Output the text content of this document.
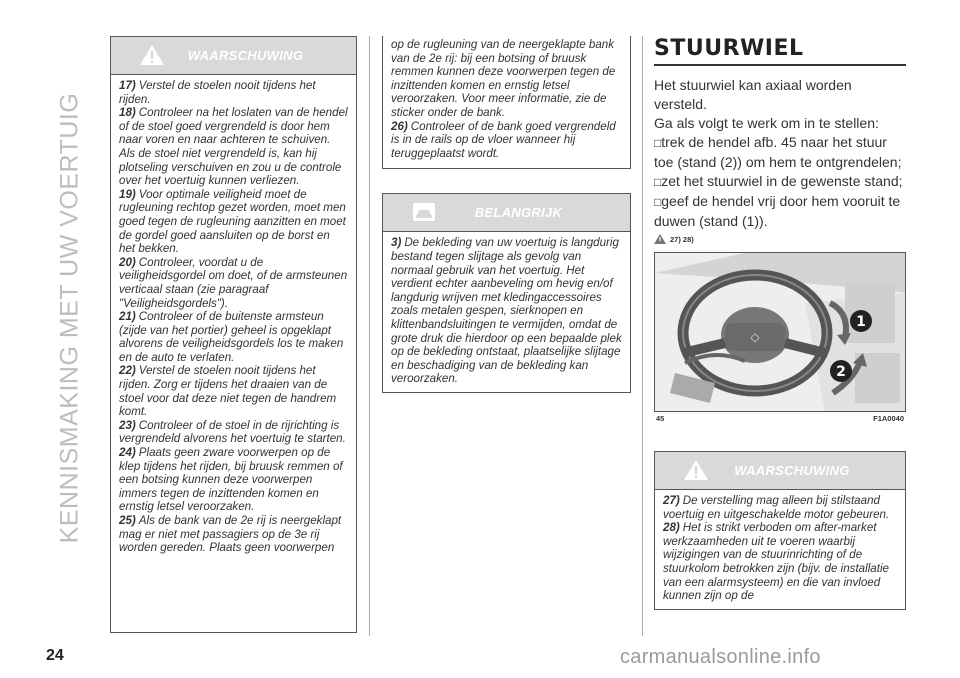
KENNISMAKING MET UW VOERTUIG
WAARSCHUWING

17) Verstel de stoelen nooit tijdens het rijden.

18) Controleer na het loslaten van de hendel of de stoel goed vergrendeld is door hem naar voren en naar achteren te schuiven. Als de stoel niet vergrendeld is, kan hij plotseling verschuiven en zou u de controle over het voertuig kunnen verliezen.

19) Voor optimale veiligheid moet de rugleuning rechtop gezet worden, moet men goed tegen de rugleuning aanzitten en moet de gordel goed aansluiten op de borst en het bekken.

20) Controleer, voordat u de veiligheidsgordel om doet, of de armsteunen verticaal staan (zie paragraaf "Veiligheidsgordels").

21) Controleer of de buitenste armsteun (zijde van het portier) geheel is opgeklapt alvorens de veiligheidsgordels los te maken en de auto te verlaten.

22) Verstel de stoelen nooit tijdens het rijden. Zorg er tijdens het draaien van de stoel voor dat deze niet tegen de handrem komt.

23) Controleer of de stoel in de rijrichting is vergrendeld alvorens het voertuig te starten.

24) Plaats geen zware voorwerpen op de klep tijdens het rijden, bij bruusk remmen of een botsing kunnen deze voorwerpen immers tegen de inzittenden komen en ernstig letsel veroorzaken.

25) Als de bank van de 2e rij is neergeklapt mag er niet met passagiers op de 3e rij worden gereden. Plaats geen voorwerpen

op de rugleuning van de neergeklapte bank van de 2e rij: bij een botsing of bruusk remmen kunnen deze voorwerpen tegen de inzittenden komen en ernstig letsel veroorzaken. Voor meer informatie, zie de sticker onder de bank.

26) Controleer of de bank goed vergrendeld is in de rails op de vloer wanneer hij teruggeplaatst wordt.

BELANGRIJK

3) De bekleding van uw voertuig is langdurig bestand tegen slijtage als gevolg van normaal gebruik van het voertuig. Het verdient echter aanbeveling om hevig en/of langdurig wrijven met kledingaccessoires zoals metalen gespen, sierknopen en klittenbandsluitingen te vermijden, omdat de grote druk die hierdoor op een bepaalde plek op de bekleding ontstaat, plaatselijke slijtage en beschadiging van de bekleding kan veroorzaken.

STUURWIEL

Het stuurwiel kan axiaal worden versteld.

Ga als volgt te werk om in te stellen:

□ trek de hendel afb. 45 naar het stuur toe (stand (2)) om hem te ontgrendelen;

□ zet het stuurwiel in de gewenste stand;

□ geef de hendel vrij door hem vooruit te duwen (stand (1)).

27) 28)
◇
1
2
45	F1A0040
WAARSCHUWING

27) De verstelling mag alleen bij stilstaand voertuig en uitgeschakelde motor gebeuren.

28) Het is strikt verboden om after-market werkzaamheden uit te voeren waarbij wijzigingen van de stuurinrichting of de stuurkolom betrokken zijn (bijv. de installatie van een alarmsysteem) en die van invloed kunnen zijn op de

24	carmanualsonline.info
